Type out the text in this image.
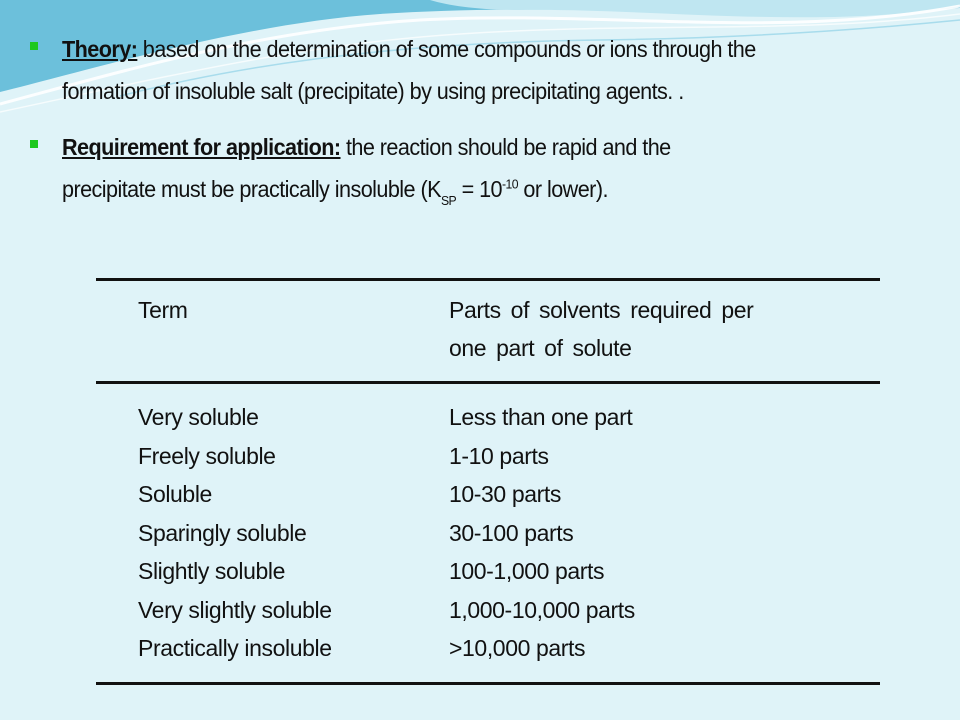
Theory: based on the determination of some compounds or ions through the
formation of insoluble salt (precipitate) by using precipitating agents. .
Requirement for application: the reaction should be rapid and the
precipitate must be practically insoluble ($K_{SP} = 10^{-10}$ or lower).
Term	Parts of solvents required per
one part of solute
Very soluble	Less than one part
Freely soluble	1-10 parts
Soluble	10-30 parts
Sparingly soluble	30-100 parts
Slightly soluble	100-1,000 parts
Very slightly soluble	1,000-10,000 parts
Practically insoluble	>10,000 parts
